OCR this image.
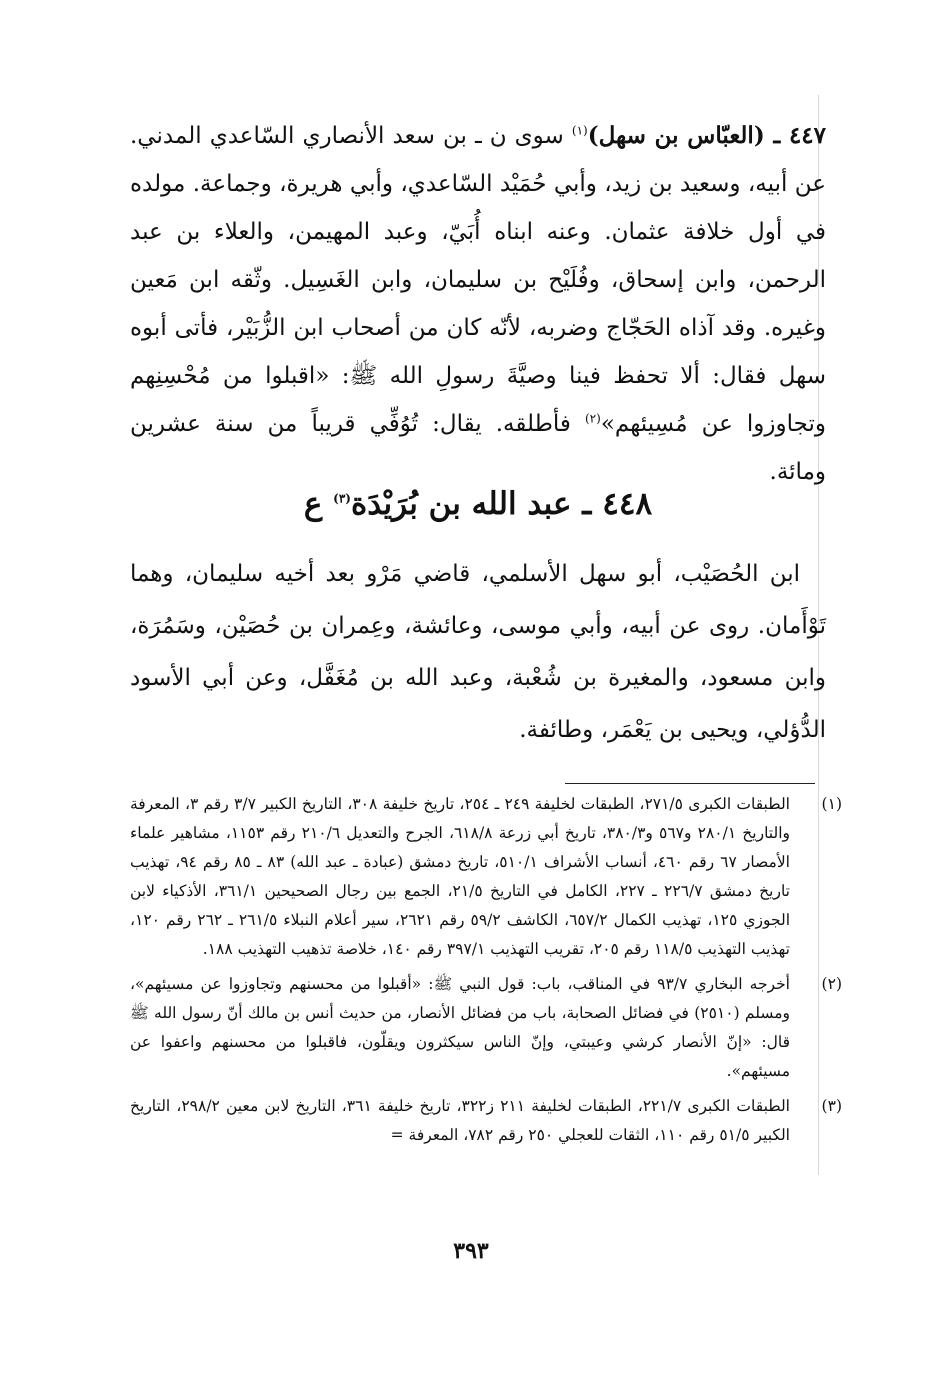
٤٤٧ ـ (العبّاس بن سهل)$^{(١)}$ سوى ن ـ بن سعد الأنصاري السّاعدي المدني. عن أبيه، وسعيد بن زيد، وأبي حُمَيْد السّاعدي، وأبي هريرة، وجماعة. مولده في أول خلافة عثمان. وعنه ابناه أُبَيّ، وعبد المهيمن، والعلاء بن عبد الرحمن، وابن إسحاق، وفُلَيْح بن سليمان، وابن الغَسِيل. وثّقه ابن مَعين وغيره. وقد آذاه الحَجّاج وضربه، لأنّه كان من أصحاب ابن الزُّبَيْر، فأتى أبوه سهل فقال: ألا تحفظ فينا وصيَّةَ رسولِ الله ﷺ: «اقبلوا من مُحْسِنِهم وتجاوزوا عن مُسِيئهم»$^{(٢)}$ فأطلقه. يقال: تُوُفِّي قريباً من سنة عشرين ومائة.
٤٤٨ ـ عبد الله بن بُرَيْدَة$^{(٣)}$ ع
ابن الحُصَيْب، أبو سهل الأسلمي، قاضي مَرْو بعد أخيه سليمان، وهما تَوْأَمان. روى عن أبيه، وأبي موسى، وعائشة، وعِمران بن حُصَيْن، وسَمُرَة، وابن مسعود، والمغيرة بن شُعْبة، وعبد الله بن مُغَفَّل، وعن أبي الأسود الدُّؤلي، ويحيى بن يَعْمَر، وطائفة.
(١)
الطبقات الكبرى ٢٧١/٥، الطبقات لخليفة ٢٤٩ ـ ٢٥٤، تاريخ خليفة ٣٠٨، التاريخ الكبير ٣/٧ رقم ٣، المعرفة والتاريخ ٢٨٠/١ و٥٦٧ و٣٨٠/٣، تاريخ أبي زرعة ٦١٨/٨، الجرح والتعديل ٢١٠/٦ رقم ١١٥٣، مشاهير علماء الأمصار ٦٧ رقم ٤٦٠، أنساب الأشراف ٥١٠/١، تاريخ دمشق (عبادة ـ عبد الله) ٨٣ ـ ٨٥ رقم ٩٤، تهذيب تاريخ دمشق ٢٢٦/٧ ـ ٢٢٧، الكامل في التاريخ ٢١/٥، الجمع بين رجال الصحيحين ٣٦١/١، الأذكياء لابن الجوزي ١٢٥، تهذيب الكمال ٦٥٧/٢، الكاشف ٥٩/٢ رقم ٢٦٢١، سير أعلام النبلاء ٢٦١/٥ ـ ٢٦٢ رقم ١٢٠، تهذيب التهذيب ١١٨/٥ رقم ٢٠٥، تقريب التهذيب ٣٩٧/١ رقم ١٤٠، خلاصة تذهيب التهذيب ١٨٨.
(٢)
أخرجه البخاري ٩٣/٧ في المناقب، باب: قول النبي ﷺ: «أقبلوا من محسنهم وتجاوزوا عن مسيئهم»، ومسلم (٢٥١٠) في فضائل الصحابة، باب من فضائل الأنصار، من حديث أنس بن مالك أنّ رسول الله ﷺ قال: «إنّ الأنصار كرشي وعيبتي، وإنّ الناس سيكثرون ويقلّون، فاقبلوا من محسنهم واعفوا عن مسيئهم».
(٣)
الطبقات الكبرى ٢٢١/٧، الطبقات لخليفة ٢١١ ز٣٢٢، تاريخ خليفة ٣٦١، التاريخ لابن معين ٢٩٨/٢، التاريخ الكبير ٥١/٥ رقم ١١٠، الثقات للعجلي ٢٥٠ رقم ٧٨٢، المعرفة =
٣٩٣
